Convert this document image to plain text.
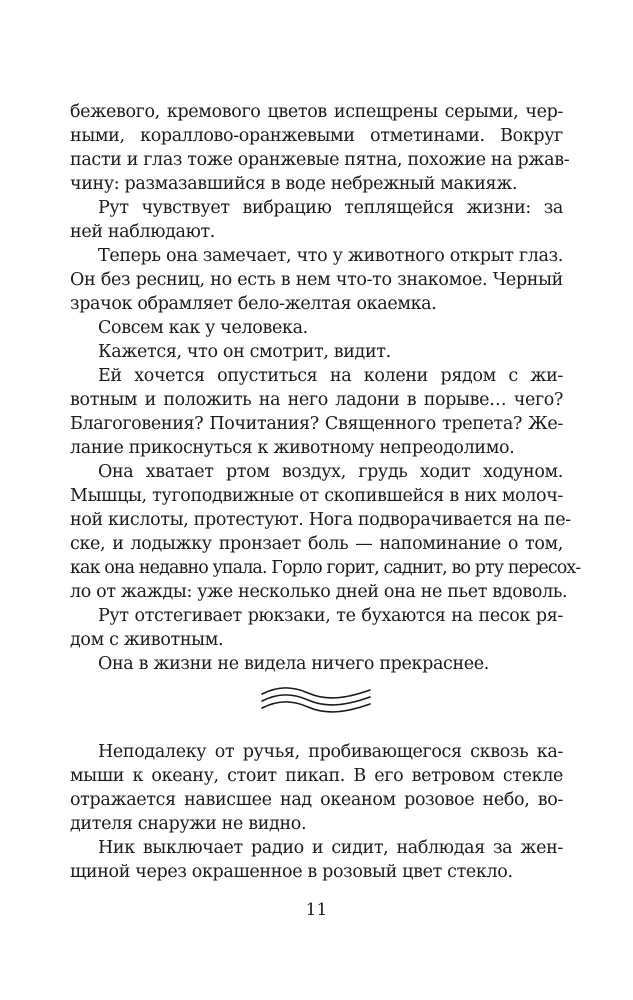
бежевого, кремового цветов испещрены серыми, чер-
ными, кораллово-оранжевыми отметинами. Вокруг
пасти и глаз тоже оранжевые пятна, похожие на ржав-
чину: размазавшийся в воде небрежный макияж.
Рут чувствует вибрацию теплящейся жизни: за
ней наблюдают.
Теперь она замечает, что у животного открыт глаз.
Он без ресниц, но есть в нем что-то знакомое. Черный
зрачок обрамляет бело-желтая окаемка.
Совсем как у человека.
Кажется, что он смотрит, видит.
Ей хочется опуститься на колени рядом с жи-
вотным и положить на него ладони в порыве… чего?
Благоговения? Почитания? Священного трепета? Же-
лание прикоснуться к животному непреодолимо.
Она хватает ртом воздух, грудь ходит ходуном.
Мышцы, тугоподвижные от скопившейся в них молоч-
ной кислоты, протестуют. Нога подворачивается на пе-
ске, и лодыжку пронзает боль — напоминание о том,
как она недавно упала. Горло горит, саднит, во рту пересох-
ло от жажды: уже несколько дней она не пьет вдоволь.
Рут отстегивает рюкзаки, те бухаются на песок ря-
дом с животным.
Она в жизни не видела ничего прекраснее.
Неподалеку от ручья, пробивающегося сквозь ка-
мыши к океану, стоит пикап. В его ветровом стекле
отражается нависшее над океаном розовое небо, во-
дителя снаружи не видно.
Ник выключает радио и сидит, наблюдая за жен-
щиной через окрашенное в розовый цвет стекло.
11
